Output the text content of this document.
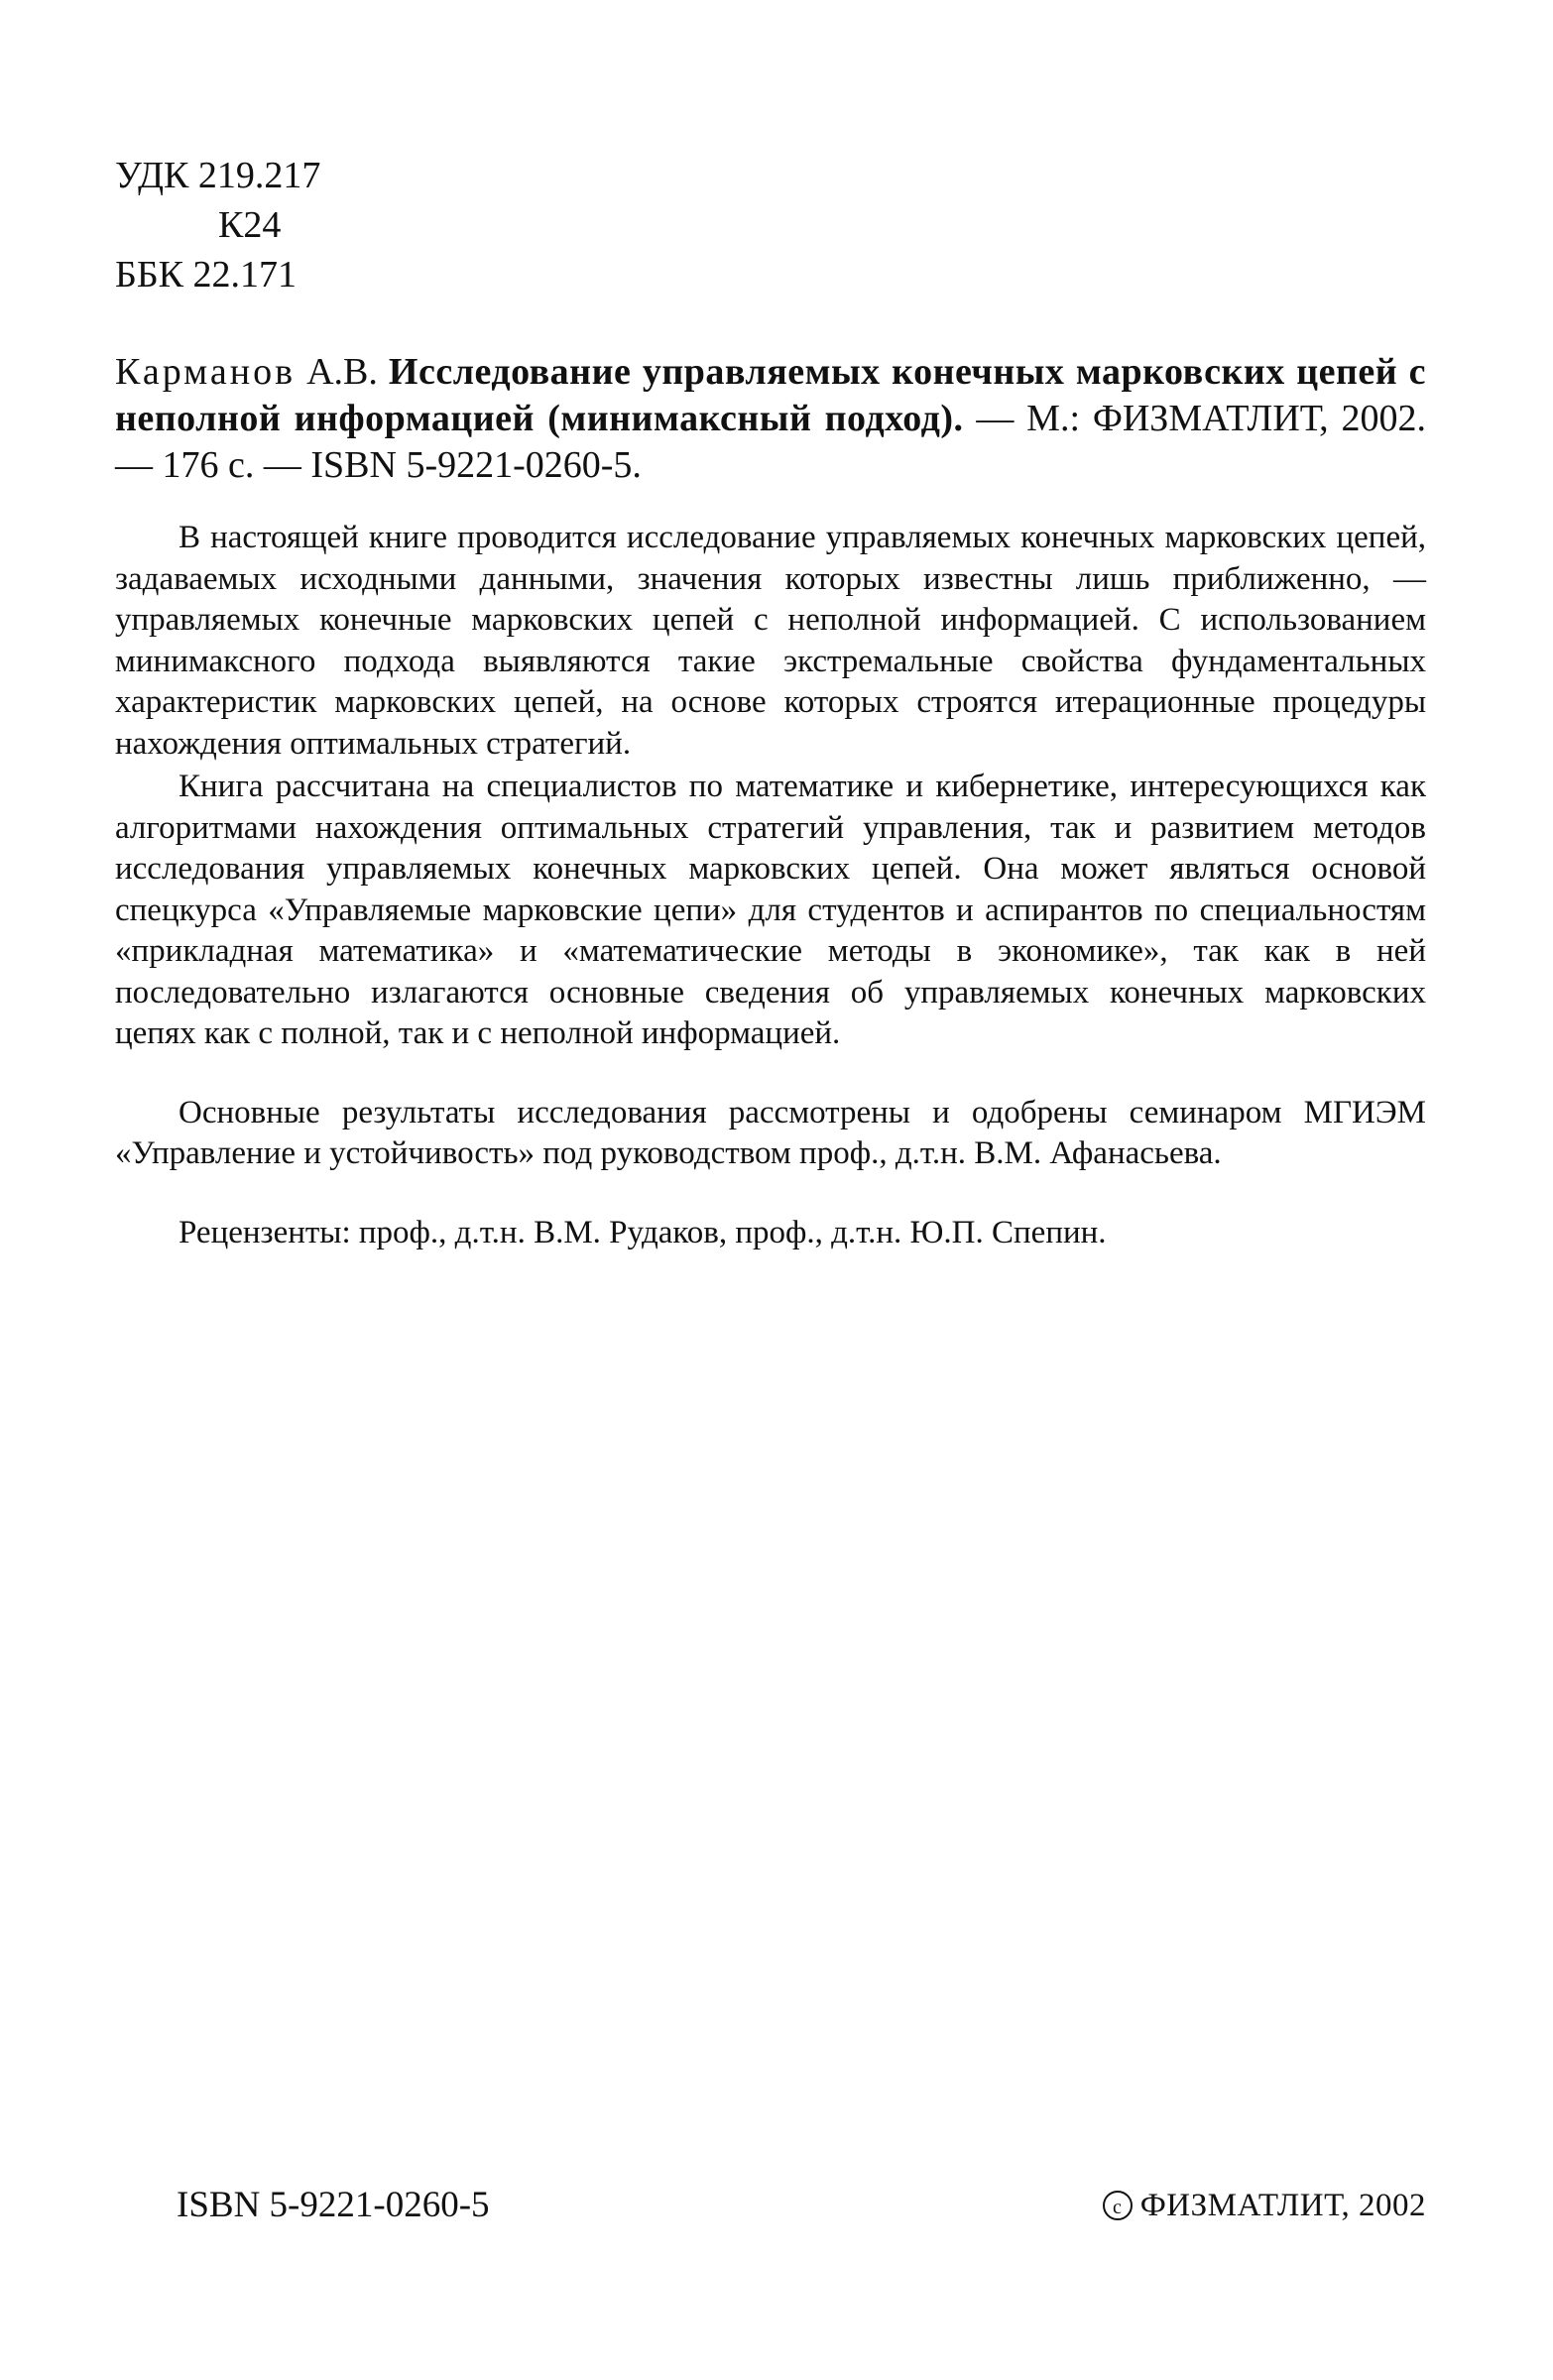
УДК 219.217
К24
ББК 22.171
Карманов А.В. Исследование управляемых конечных марковских цепей с неполной информацией (минимаксный подход). — М.: ФИЗМАТЛИТ, 2002. — 176 с. — ISBN 5-9221-0260-5.

В настоящей книге проводится исследование управляемых конечных марковских цепей, задаваемых исходными данными, значения которых известны лишь приближенно, — управляемых конечные марковских цепей с неполной информацией. С использованием минимаксного подхода выявляются такие экстремальные свойства фундаментальных характеристик марковских цепей, на основе которых строятся итерационные процедуры нахождения оптимальных стратегий.

Книга рассчитана на специалистов по математике и кибернетике, интересующихся как алгоритмами нахождения оптимальных стратегий управления, так и развитием методов исследования управляемых конечных марковских цепей. Она может являться основой спецкурса «Управляемые марковские цепи» для студентов и аспирантов по специальностям «прикладная математика» и «математические методы в экономике», так как в ней последовательно излагаются основные сведения об управляемых конечных марковских цепях как с полной, так и с неполной информацией.

Основные результаты исследования рассмотрены и одобрены семинаром МГИЭМ «Управление и устойчивость» под руководством проф., д.т.н. В.М. Афанасьева.

Рецензенты: проф., д.т.н. В.М. Рудаков, проф., д.т.н. Ю.П. Спепин.

ISBN 5-9221-0260-5	c ФИЗМАТЛИТ, 2002
